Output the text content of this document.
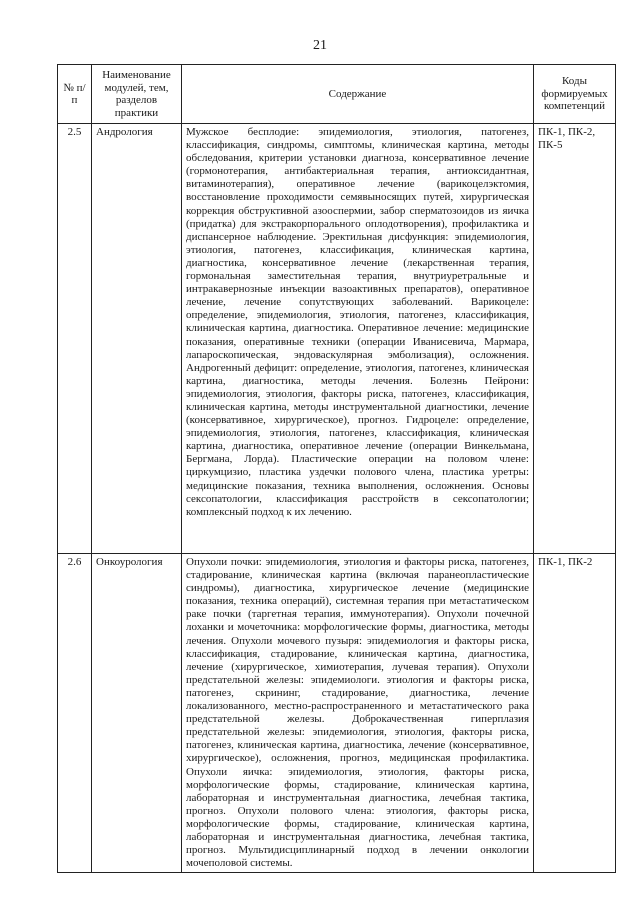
21
№ п/п	Наименование модулей, тем, разделов практики	Содержание	Коды формируемых компетенций
2.5	Андрология	Мужское бесплодие: эпидемиология, этиология, патогенез, классификация, синдромы, симптомы, клиническая картина, методы обследования, критерии установки диагноза, консервативное лечение (гормонотерапия, антибактериальная терапия, антиоксидантная, витаминотерапия), оперативное лечение (варикоцелэктомия, восстановление проходимости семявыносящих путей, хирургическая коррекция обструктивной азооспермии, забор сперматозоидов из яичка (придатка) для экстракорпорального оплодотворения), профилактика и диспансерное наблюдение. Эректильная дисфункция: эпидемиология, этиология, патогенез, классификация, клиническая картина, диагностика, консервативное лечение (лекарственная терапия, гормональная заместительная терапия, внутриуретральные и интракавернозные инъекции вазоактивных препаратов), оперативное лечение, лечение сопутствующих заболеваний. Варикоцеле: определение, эпидемиология, этиология, патогенез, классификация, клиническая картина, диагностика. Оперативное лечение: медицинские показания, оперативные техники (операции Иванисевича, Мармара, лапароскопическая, эндоваскулярная эмболизация), осложнения. Андрогенный дефицит: определение, этиология, патогенез, клиническая картина, диагностика, методы лечения. Болезнь Пейрони: эпидемиология, этиология, факторы риска, патогенез, классификация, клиническая картина, методы инструментальной диагностики, лечение (консервативное, хирургическое), прогноз. Гидроцеле: определение, эпидемиология, этиология, патогенез, классификация, клиническая картина, диагностика, оперативное лечение (операции Винкельмана, Бергмана, Лорда). Пластические операции на половом члене: циркумцизио, пластика уздечки полового члена, пластика уретры: медицинские показания, техника выполнения, осложнения. Основы сексопатологии, классификация расстройств в сексопатологии; комплексный подход к их лечению.	ПК-1, ПК-2, ПК-5
2.6	Онкоурология	Опухоли почки: эпидемиология, этиология и факторы риска, патогенез, стадирование, клиническая картина (включая паранеопластические синдромы), диагностика, хирургическое лечение (медицинские показания, техника операций), системная терапия при метастатическом раке почки (таргетная терапия, иммунотерапия). Опухоли почечной лоханки и мочеточника: морфологические формы, диагностика, методы лечения. Опухоли мочевого пузыря: эпидемиология и факторы риска, классификация, стадирование, клиническая картина, диагностика, лечение (хирургическое, химиотерапия, лучевая терапия). Опухоли предстательной железы: эпидемиологи. этиология и факторы риска, патогенез, скрининг, стадирование, диагностика, лечение локализованного, местно-распространенного и метастатического рака предстательной железы. Доброкачественная гиперплазия предстательной железы: эпидемиология, этиология, факторы риска, патогенез, клиническая картина, диагностика, лечение (консервативное, хирургическое), осложнения, прогноз, медицинская профилактика. Опухоли яичка: эпидемиология, этиология, факторы риска, морфологические формы, стадирование, клиническая картина, лабораторная и инструментальная диагностика, лечебная тактика, прогноз. Опухоли полового члена: этиология, факторы риска, морфологические формы, стадирование, клиническая картина, лабораторная и инструментальная диагностика, лечебная тактика, прогноз. Мультидисциплинарный подход в лечении онкологии мочеполовой системы.	ПК-1, ПК-2
